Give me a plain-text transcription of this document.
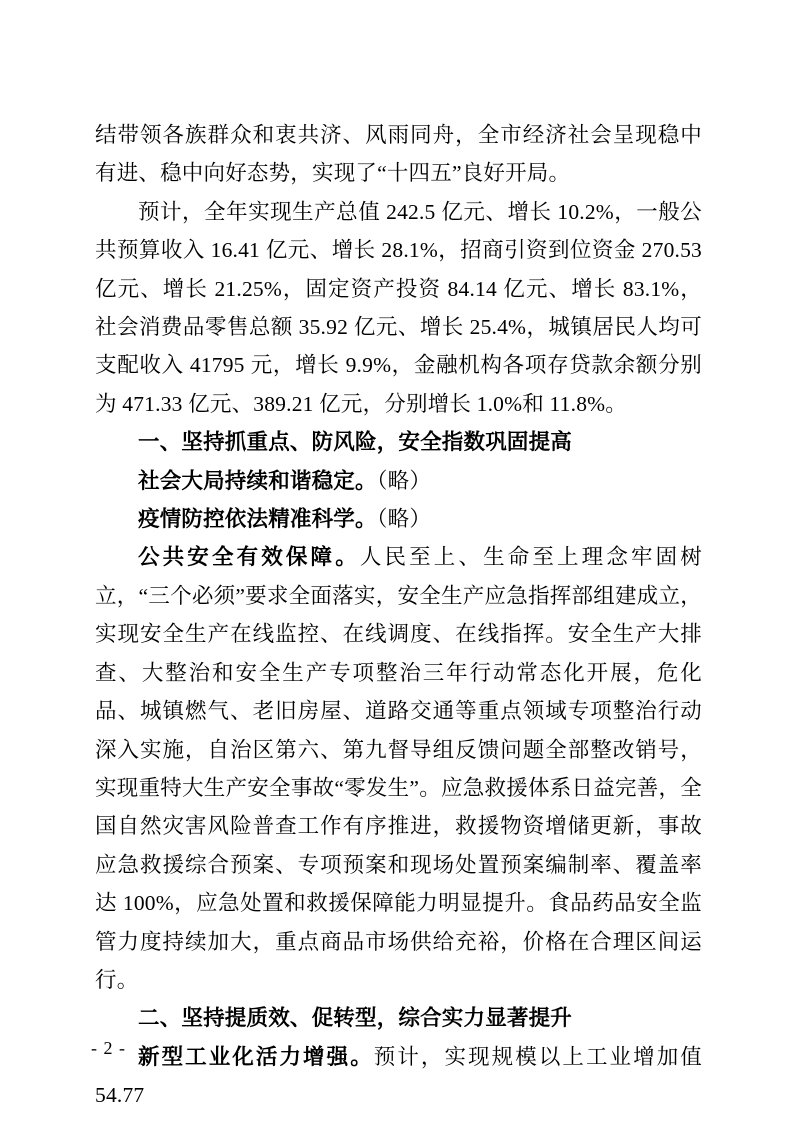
结带领各族群众和衷共济、风雨同舟，全市经济社会呈现稳中有进、稳中向好态势，实现了“十四五”良好开局。

预计，全年实现生产总值 242.5 亿元、增长 10.2%，一般公共预算收入 16.41 亿元、增长 28.1%，招商引资到位资金 270.53 亿元、增长 21.25%，固定资产投资 84.14 亿元、增长 83.1%，社会消费品零售总额 35.92 亿元、增长 25.4%，城镇居民人均可支配收入 41795 元，增长 9.9%，金融机构各项存贷款余额分别为 471.33 亿元、389.21 亿元，分别增长 1.0%和 11.8%。

一、坚持抓重点、防风险，安全指数巩固提高

社会大局持续和谐稳定。（略）

疫情防控依法精准科学。（略）

公共安全有效保障。人民至上、生命至上理念牢固树立，“三个必须”要求全面落实，安全生产应急指挥部组建成立，实现安全生产在线监控、在线调度、在线指挥。安全生产大排查、大整治和安全生产专项整治三年行动常态化开展，危化品、城镇燃气、老旧房屋、道路交通等重点领域专项整治行动深入实施，自治区第六、第九督导组反馈问题全部整改销号，实现重特大生产安全事故“零发生”。应急救援体系日益完善，全国自然灾害风险普查工作有序推进，救援物资增储更新，事故应急救援综合预案、专项预案和现场处置预案编制率、覆盖率达 100%，应急处置和救援保障能力明显提升。食品药品安全监管力度持续加大，重点商品市场供给充裕，价格在合理区间运行。

二、坚持提质效、促转型，综合实力显著提升

新型工业化活力增强。预计，实现规模以上工业增加值 54.77

- 2 -
